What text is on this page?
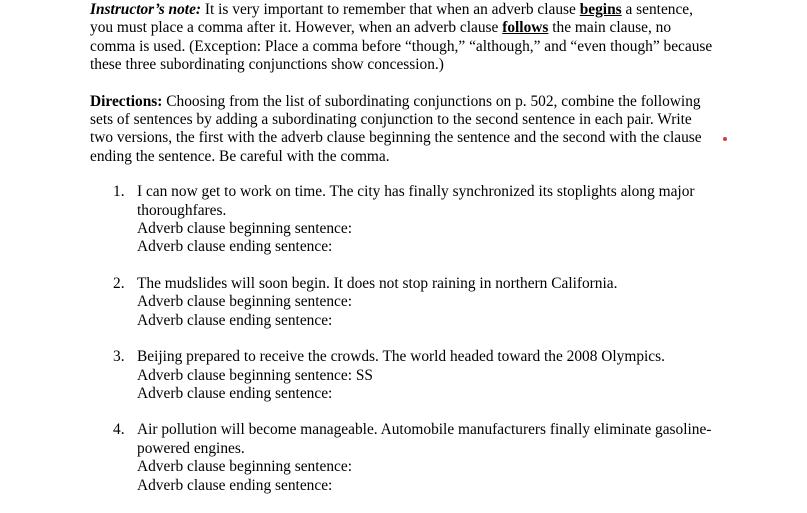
Instructor’s note: It is very important to remember that when an adverb clause begins a sentence, you must place a comma after it. However, when an adverb clause follows the main clause, no comma is used. (Exception: Place a comma before “though,” “although,” and “even though” because these three subordinating conjunctions show concession.)

Directions: Choosing from the list of subordinating conjunctions on p. 502, combine the following sets of sentences by adding a subordinating conjunction to the second sentence in each pair. Write two versions, the first with the adverb clause beginning the sentence and the second with the clause ending the sentence. Be careful with the comma.

1. I can now get to work on time. The city has finally synchronized its stoplights along major thoroughfares.
Adverb clause beginning sentence:
Adverb clause ending sentence:
2. The mudslides will soon begin. It does not stop raining in northern California.
Adverb clause beginning sentence:
Adverb clause ending sentence:
3. Beijing prepared to receive the crowds. The world headed toward the 2008 Olympics.
Adverb clause beginning sentence: SS
Adverb clause ending sentence:
4. Air pollution will become manageable. Automobile manufacturers finally eliminate gasoline-powered engines.
Adverb clause beginning sentence:
Adverb clause ending sentence:
